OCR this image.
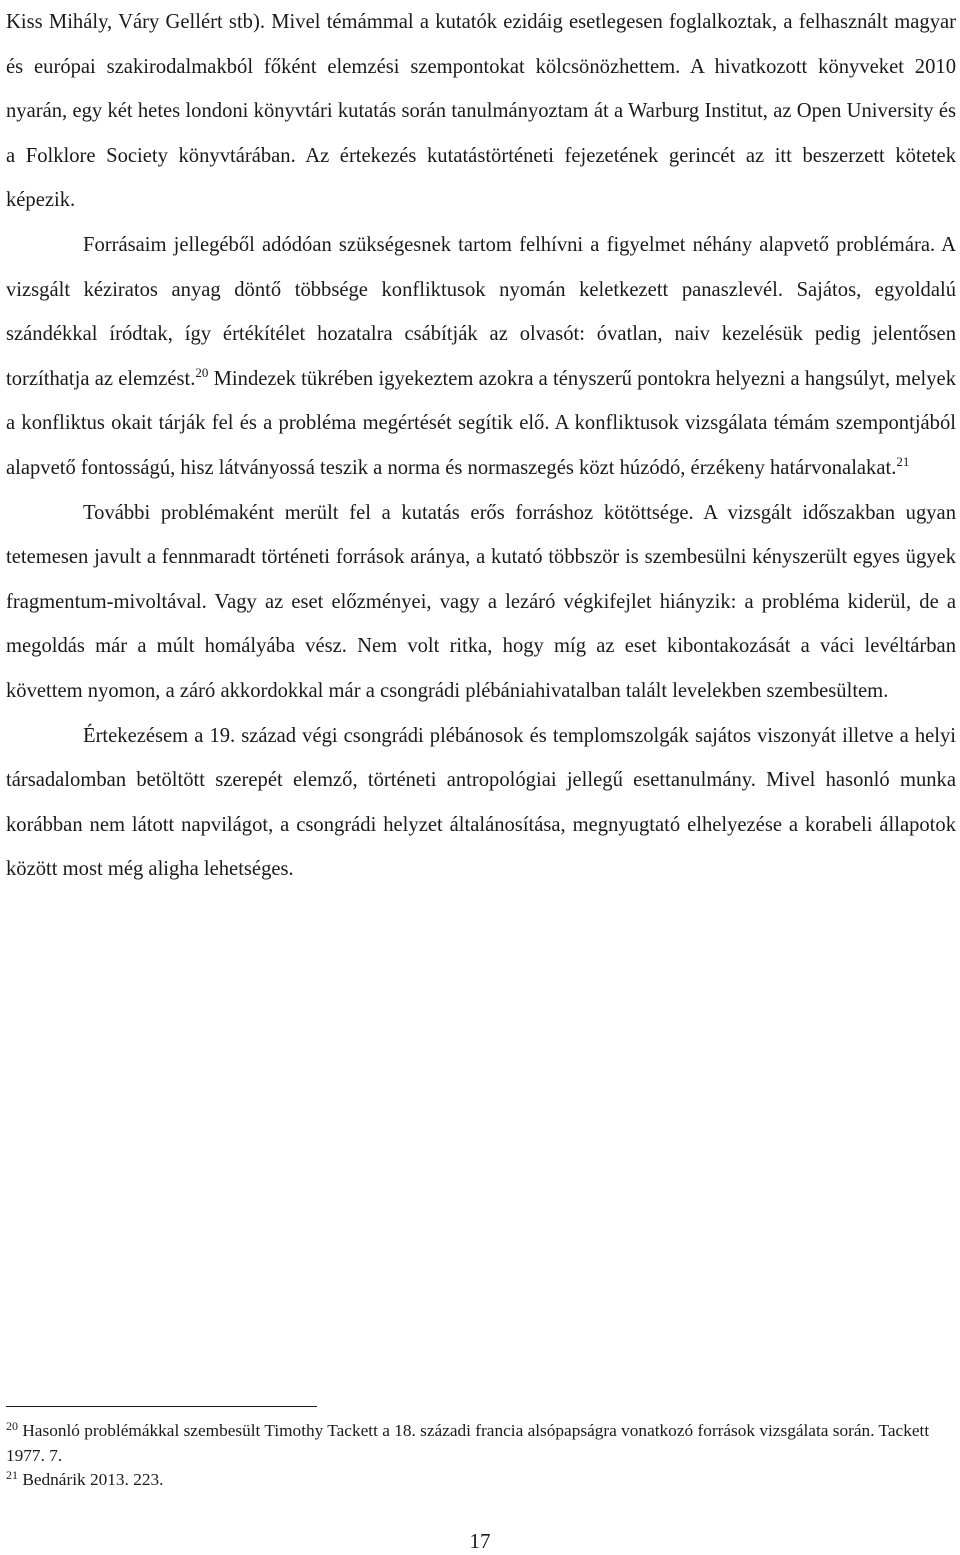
Kiss Mihály, Váry Gellért stb). Mivel témámmal a kutatók ezidáig esetlegesen foglalkoztak, a felhasznált magyar és európai szakirodalmakból főként elemzési szempontokat kölcsönözhettem. A hivatkozott könyveket 2010 nyarán, egy két hetes londoni könyvtári kutatás során tanulmányoztam át a Warburg Institut, az Open University és a Folklore Society könyvtárában. Az értekezés kutatástörténeti fejezetének gerincét az itt beszerzett kötetek képezik.

Forrásaim jellegéből adódóan szükségesnek tartom felhívni a figyelmet néhány alapvető problémára. A vizsgált kéziratos anyag döntő többsége konfliktusok nyomán keletkezett panaszlevél. Sajátos, egyoldalú szándékkal íródtak, így értékítélet hozatalra csábítják az olvasót: óvatlan, naiv kezelésük pedig jelentősen torzíthatja az elemzést.$^{20}$ Mindezek tükrében igyekeztem azokra a tényszerű pontokra helyezni a hangsúlyt, melyek a konfliktus okait tárják fel és a probléma megértését segítik elő. A konfliktusok vizsgálata témám szempontjából alapvető fontosságú, hisz látványossá teszik a norma és normaszegés közt húzódó, érzékeny határvonalakat.$^{21}$

További problémaként merült fel a kutatás erős forráshoz kötöttsége. A vizsgált időszakban ugyan tetemesen javult a fennmaradt történeti források aránya, a kutató többször is szembesülni kényszerült egyes ügyek fragmentum-mivoltával. Vagy az eset előzményei, vagy a lezáró végkifejlet hiányzik: a probléma kiderül, de a megoldás már a múlt homályába vész. Nem volt ritka, hogy míg az eset kibontakozását a váci levéltárban követtem nyomon, a záró akkordokkal már a csongrádi plébániahivatalban talált levelekben szembesültem.

Értekezésem a 19. század végi csongrádi plébánosok és templomszolgák sajátos viszonyát illetve a helyi társadalomban betöltött szerepét elemző, történeti antropológiai jellegű esettanulmány. Mivel hasonló munka korábban nem látott napvilágot, a csongrádi helyzet általánosítása, megnyugtató elhelyezése a korabeli állapotok között most még aligha lehetséges.

$^{20}$ Hasonló problémákkal szembesült Timothy Tackett a 18. századi francia alsópapságra vonatkozó források vizsgálata során. Tackett 1977. 7.

$^{21}$ Bednárik 2013. 223.

17
